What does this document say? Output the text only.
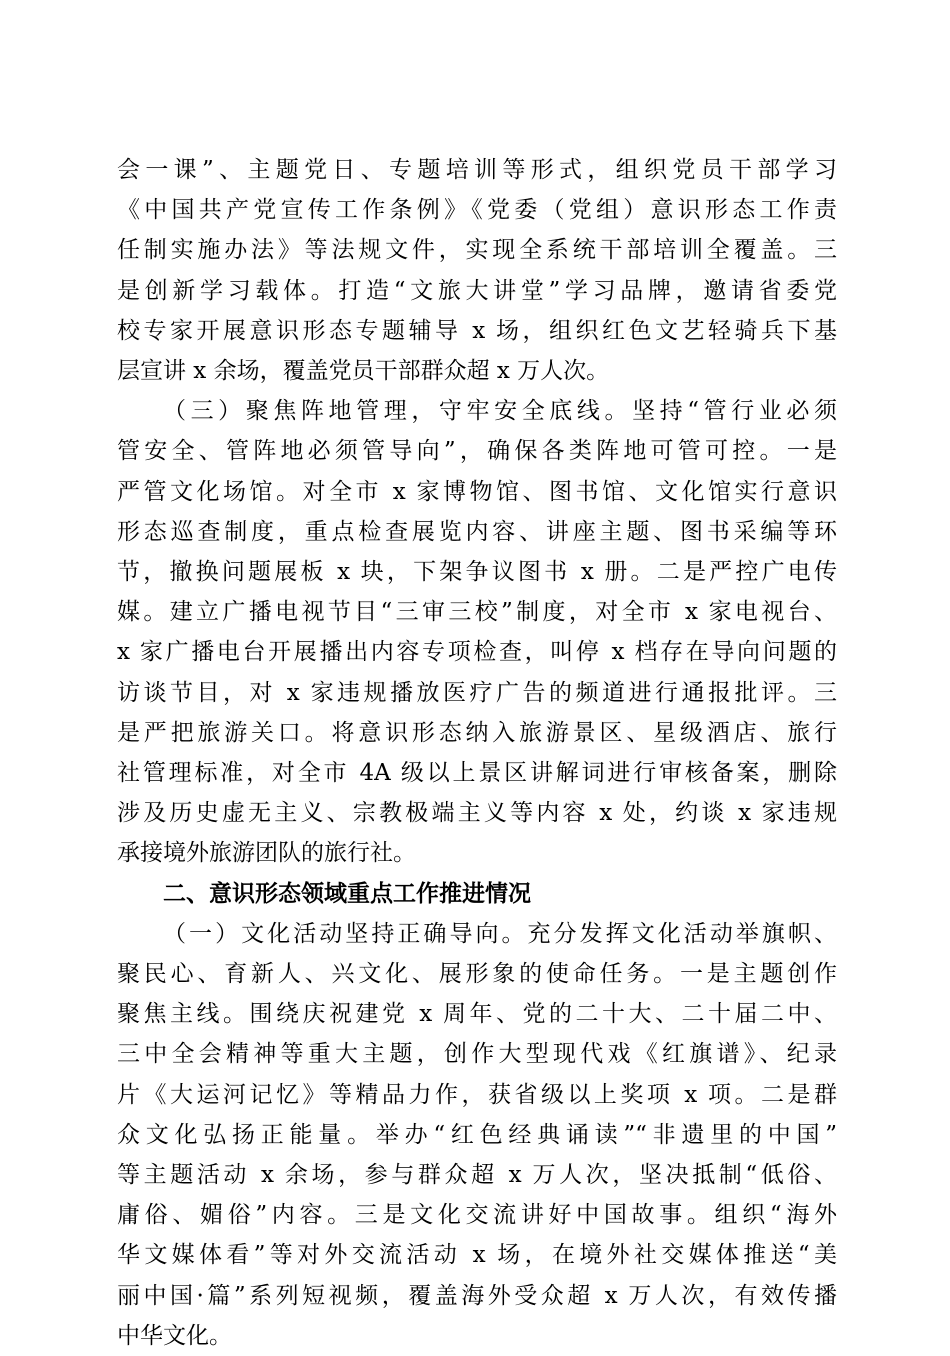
会一课”、主题党日、专题培训等形式，组织党员干部学习
《中国共产党宣传工作条例》《党委（党组）意识形态工作责
任制实施办法》等法规文件，实现全系统干部培训全覆盖。三
是创新学习载体。打造“文旅大讲堂”学习品牌，邀请省委党
校专家开展意识形态专题辅导 x 场，组织红色文艺轻骑兵下基
层宣讲 x 余场，覆盖党员干部群众超 x 万人次。
（三）聚焦阵地管理，守牢安全底线。坚持“管行业必须
管安全、管阵地必须管导向”，确保各类阵地可管可控。一是
严管文化场馆。对全市 x 家博物馆、图书馆、文化馆实行意识
形态巡查制度，重点检查展览内容、讲座主题、图书采编等环
节，撤换问题展板 x 块，下架争议图书 x 册。二是严控广电传
媒。建立广播电视节目“三审三校”制度，对全市 x 家电视台、
x 家广播电台开展播出内容专项检查，叫停 x 档存在导向问题的
访谈节目，对 x 家违规播放医疗广告的频道进行通报批评。三
是严把旅游关口。将意识形态纳入旅游景区、星级酒店、旅行
社管理标准，对全市 4A 级以上景区讲解词进行审核备案，删除
涉及历史虚无主义、宗教极端主义等内容 x 处，约谈 x 家违规
承接境外旅游团队的旅行社。
二、意识形态领域重点工作推进情况
（一）文化活动坚持正确导向。充分发挥文化活动举旗帜、
聚民心、育新人、兴文化、展形象的使命任务。一是主题创作
聚焦主线。围绕庆祝建党 x 周年、党的二十大、二十届二中、
三中全会精神等重大主题，创作大型现代戏《红旗谱》、纪录
片《大运河记忆》等精品力作，获省级以上奖项 x 项。二是群
众文化弘扬正能量。举办“红色经典诵读”“非遗里的中国”
等主题活动 x 余场，参与群众超 x 万人次，坚决抵制“低俗、
庸俗、媚俗”内容。三是文化交流讲好中国故事。组织“海外
华文媒体看”等对外交流活动 x 场，在境外社交媒体推送“美
丽中国·篇”系列短视频，覆盖海外受众超 x 万人次，有效传播
中华文化。
